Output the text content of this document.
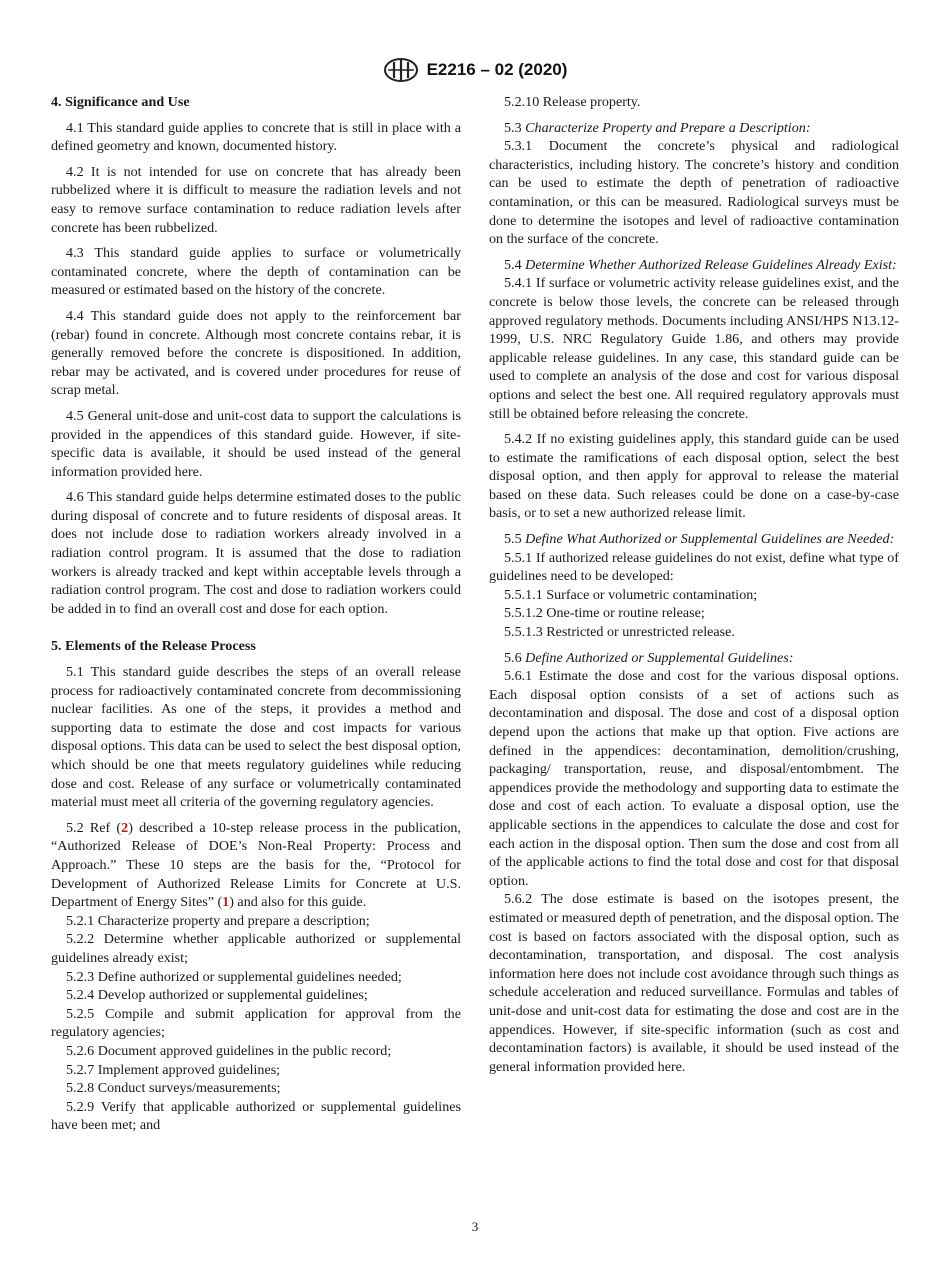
E2216 – 02 (2020)

4. Significance and Use

4.1 This standard guide applies to concrete that is still in place with a defined geometry and known, documented history.

4.2 It is not intended for use on concrete that has already been rubbelized where it is difficult to measure the radiation levels and not easy to remove surface contamination to reduce radiation levels after concrete has been rubbelized.

4.3 This standard guide applies to surface or volumetrically contaminated concrete, where the depth of contamination can be measured or estimated based on the history of the concrete.

4.4 This standard guide does not apply to the reinforcement bar (rebar) found in concrete. Although most concrete contains rebar, it is generally removed before the concrete is dispositioned. In addition, rebar may be activated, and is covered under procedures for reuse of scrap metal.

4.5 General unit-dose and unit-cost data to support the calculations is provided in the appendices of this standard guide. However, if site-specific data is available, it should be used instead of the general information provided here.

4.6 This standard guide helps determine estimated doses to the public during disposal of concrete and to future residents of disposal areas. It does not include dose to radiation workers already involved in a radiation control program. It is assumed that the dose to radiation workers is already tracked and kept within acceptable levels through a radiation control program. The cost and dose to radiation workers could be added in to find an overall cost and dose for each option.

5. Elements of the Release Process

5.1 This standard guide describes the steps of an overall release process for radioactively contaminated concrete from decommissioning nuclear facilities. As one of the steps, it provides a method and supporting data to estimate the dose and cost impacts for various disposal options. This data can be used to select the best disposal option, which should be one that meets regulatory guidelines while reducing dose and cost. Release of any surface or volumetrically contaminated material must meet all criteria of the governing regulatory agencies.

5.2 Ref (2) described a 10-step release process in the publication, “Authorized Release of DOE’s Non-Real Property: Process and Approach.” These 10 steps are the basis for the, “Protocol for Development of Authorized Release Limits for Concrete at U.S. Department of Energy Sites” (1) and also for this guide.

5.2.1 Characterize property and prepare a description;

5.2.2 Determine whether applicable authorized or supplemental guidelines already exist;

5.2.3 Define authorized or supplemental guidelines needed;

5.2.4 Develop authorized or supplemental guidelines;

5.2.5 Compile and submit application for approval from the regulatory agencies;

5.2.6 Document approved guidelines in the public record;

5.2.7 Implement approved guidelines;

5.2.8 Conduct surveys/measurements;

5.2.9 Verify that applicable authorized or supplemental guidelines have been met; and

5.2.10 Release property.

5.3 Characterize Property and Prepare a Description:

5.3.1 Document the concrete’s physical and radiological characteristics, including history. The concrete’s history and condition can be used to estimate the depth of penetration of radioactive contamination, or this can be measured. Radiological surveys must be done to determine the isotopes and level of radioactive contamination on the surface of the concrete.

5.4 Determine Whether Authorized Release Guidelines Already Exist:

5.4.1 If surface or volumetric activity release guidelines exist, and the concrete is below those levels, the concrete can be released through approved regulatory methods. Documents including ANSI/HPS N13.12-1999, U.S. NRC Regulatory Guide 1.86, and others may provide applicable release guidelines. In any case, this standard guide can be used to complete an analysis of the dose and cost for various disposal options and select the best one. All required regulatory approvals must still be obtained before releasing the concrete.

5.4.2 If no existing guidelines apply, this standard guide can be used to estimate the ramifications of each disposal option, select the best disposal option, and then apply for approval to release the material based on these data. Such releases could be done on a case-by-case basis, or to set a new authorized release limit.

5.5 Define What Authorized or Supplemental Guidelines are Needed:

5.5.1 If authorized release guidelines do not exist, define what type of guidelines need to be developed:

5.5.1.1 Surface or volumetric contamination;

5.5.1.2 One-time or routine release;

5.5.1.3 Restricted or unrestricted release.

5.6 Define Authorized or Supplemental Guidelines:

5.6.1 Estimate the dose and cost for the various disposal options. Each disposal option consists of a set of actions such as decontamination and disposal. The dose and cost of a disposal option depend upon the actions that make up that option. Five actions are defined in the appendices: decontamination, demolition/crushing, packaging/ transportation, reuse, and disposal/entombment. The appendices provide the methodology and supporting data to estimate the dose and cost of each action. To evaluate a disposal option, use the applicable sections in the appendices to calculate the dose and cost for each action in the disposal option. Then sum the dose and cost from all of the applicable actions to find the total dose and cost for that disposal option.

5.6.2 The dose estimate is based on the isotopes present, the estimated or measured depth of penetration, and the disposal option. The cost is based on factors associated with the disposal option, such as decontamination, transportation, and disposal. The cost analysis information here does not include cost avoidance through such things as schedule acceleration and reduced surveillance. Formulas and tables of unit-dose and unit-cost data for estimating the dose and cost are in the appendices. However, if site-specific information (such as cost and decontamination factors) is available, it should be used instead of the general information provided here.

3
